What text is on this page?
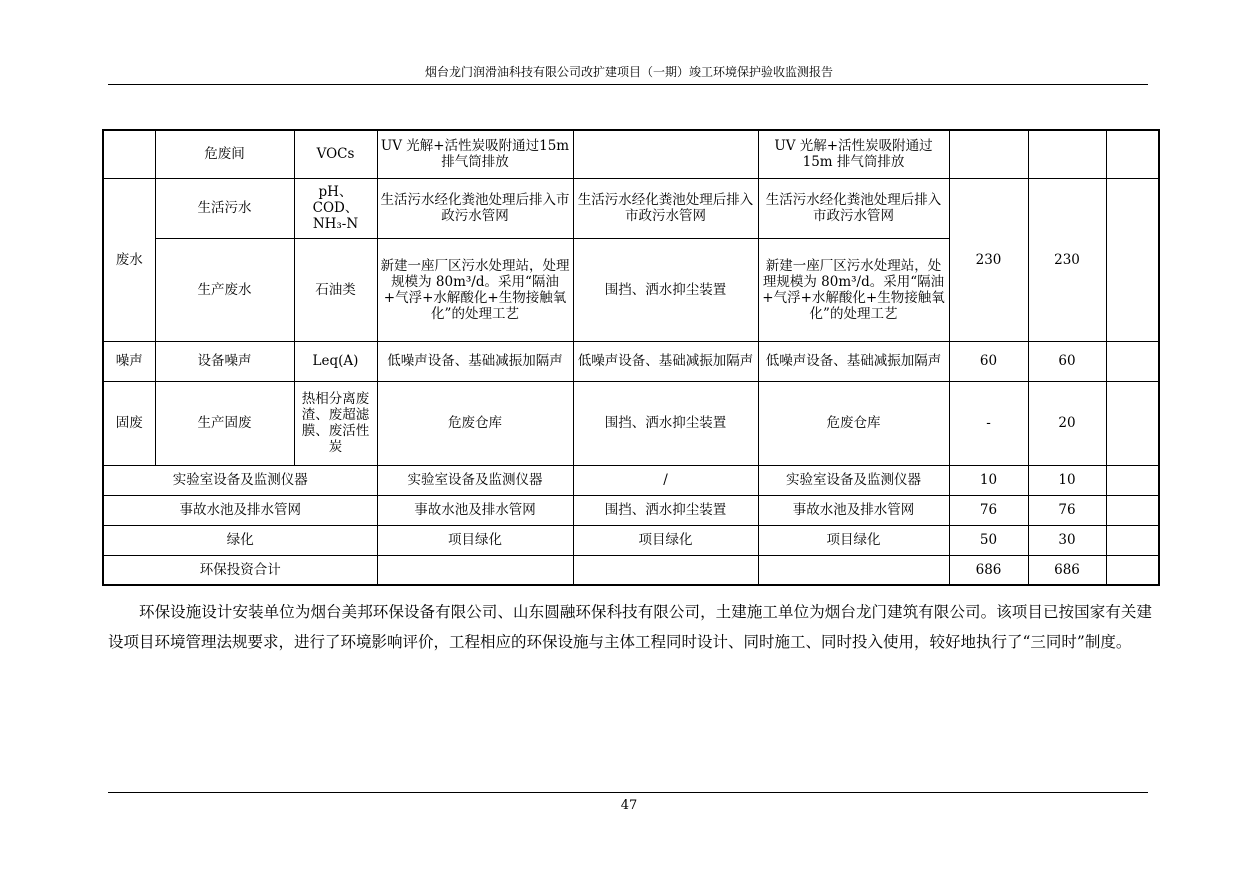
烟台龙门润滑油科技有限公司改扩建项目（一期）竣工环境保护验收监测报告
	危废间	VOCs	UV 光解+活性炭吸附通过15m 排气筒排放		UV 光解+活性炭吸附通过 15m 排气筒排放			
废水	生活污水	pH、COD、NH₃-N	生活污水经化粪池处理后排入市政污水管网	生活污水经化粪池处理后排入市政污水管网	生活污水经化粪池处理后排入市政污水管网	230	230	
	生产废水	石油类	新建一座厂区污水处理站，处理规模为 80m³/d。采用“隔油+气浮+水解酸化+生物接触氧化”的处理工艺	围挡、洒水抑尘装置	新建一座厂区污水处理站，处理规模为 80m³/d。采用“隔油+气浮+水解酸化+生物接触氧化”的处理工艺			
噪声	设备噪声	Leq(A)	低噪声设备、基础减振加隔声	低噪声设备、基础减振加隔声	低噪声设备、基础减振加隔声	60	60	
固废	生产固废	热相分离废渣、废超滤膜、废活性炭	危废仓库	围挡、洒水抑尘装置	危废仓库	-	20	
实验室设备及监测仪器			实验室设备及监测仪器	/	实验室设备及监测仪器	10	10	
事故水池及排水管网			事故水池及排水管网	围挡、洒水抑尘装置	事故水池及排水管网	76	76	
绿化			项目绿化	项目绿化	项目绿化	50	30	
环保投资合计						686	686	

环保设施设计安装单位为烟台美邦环保设备有限公司、山东圆融环保科技有限公司，土建施工单位为烟台龙门建筑有限公司。该项目已按国家有关建设项目环境管理法规要求，进行了环境影响评价，工程相应的环保设施与主体工程同时设计、同时施工、同时投入使用，较好地执行了“三同时”制度。

47
